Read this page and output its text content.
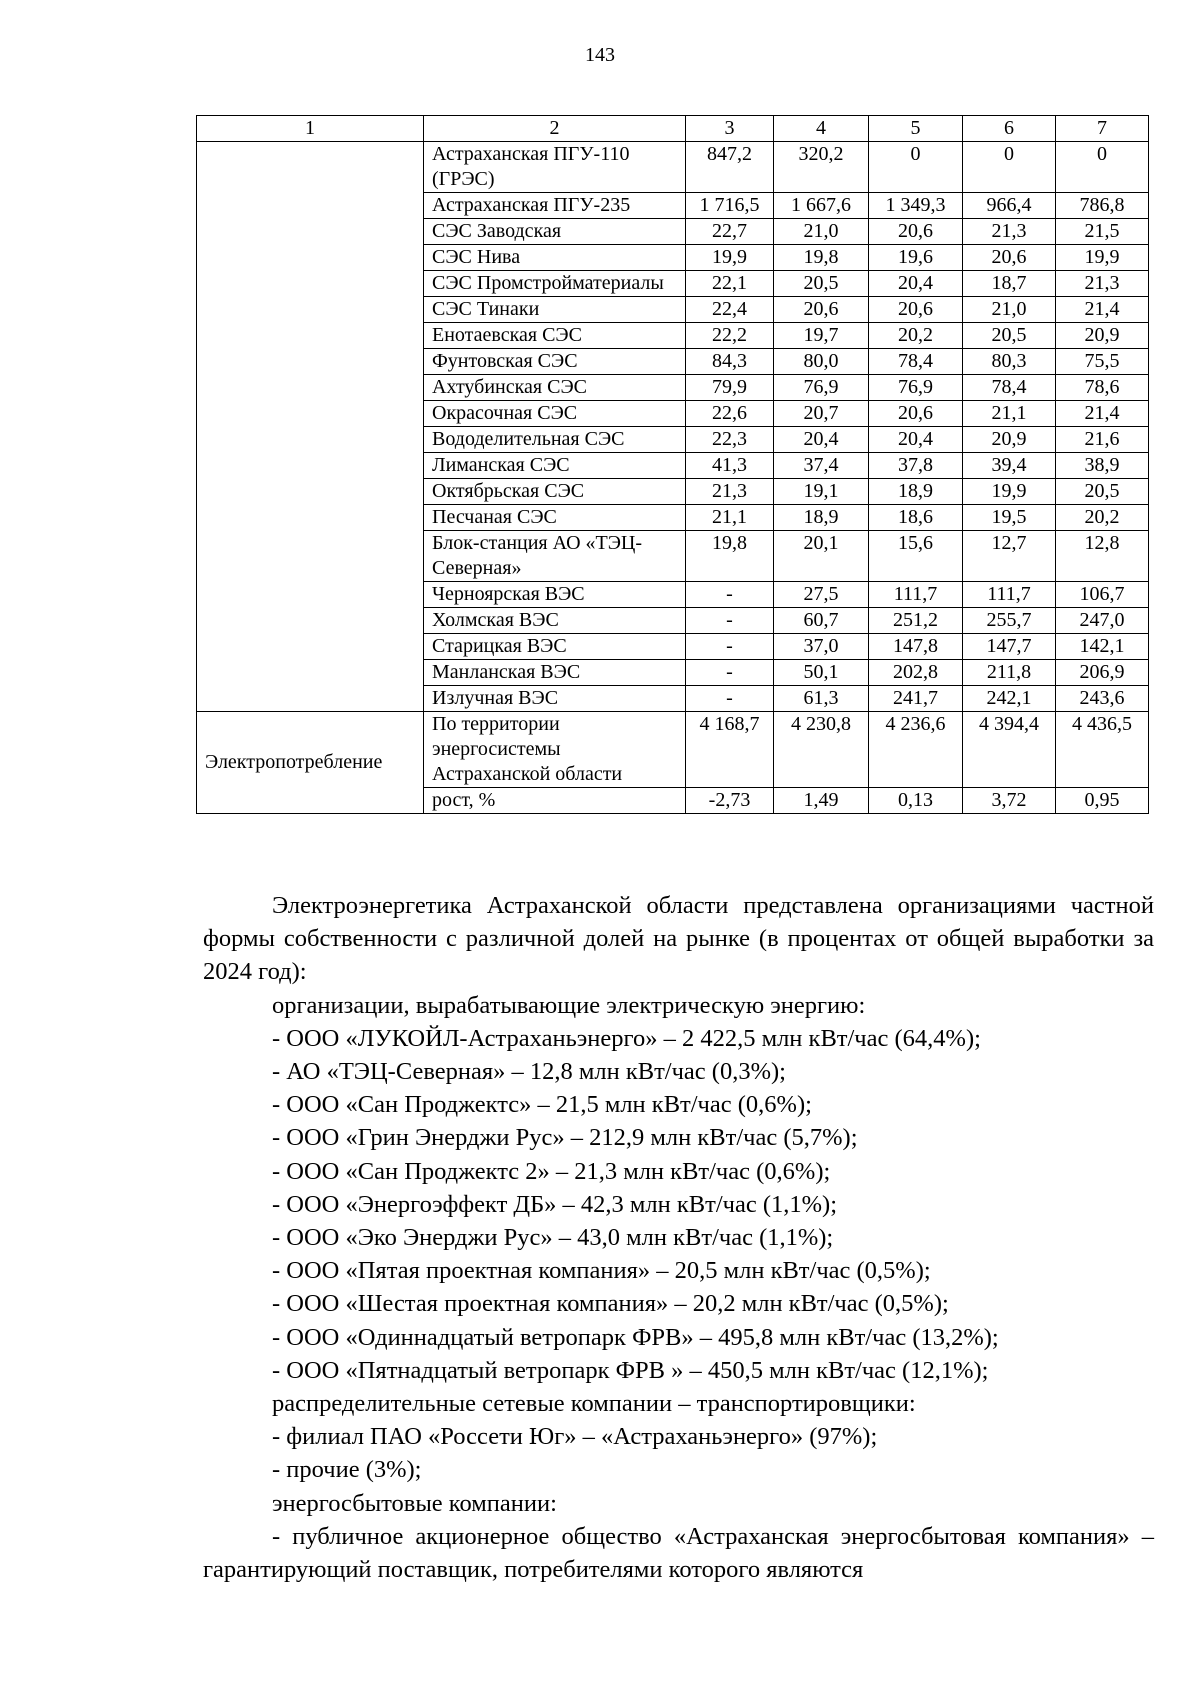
143
1	2	3	4	5	6	7
	Астраханская ПГУ-110 (ГРЭС)	847,2	320,2	0	0	0
	Астраханская ПГУ-235	1 716,5	1 667,6	1 349,3	966,4	786,8
	СЭС Заводская	22,7	21,0	20,6	21,3	21,5
	СЭС Нива	19,9	19,8	19,6	20,6	19,9
	СЭС Промстройматериалы	22,1	20,5	20,4	18,7	21,3
	СЭС Тинаки	22,4	20,6	20,6	21,0	21,4
	Енотаевская СЭС	22,2	19,7	20,2	20,5	20,9
	Фунтовская СЭС	84,3	80,0	78,4	80,3	75,5
	Ахтубинская СЭС	79,9	76,9	76,9	78,4	78,6
	Окрасочная СЭС	22,6	20,7	20,6	21,1	21,4
	Вододелительная СЭС	22,3	20,4	20,4	20,9	21,6
	Лиманская СЭС	41,3	37,4	37,8	39,4	38,9
	Октябрьская СЭС	21,3	19,1	18,9	19,9	20,5
	Песчаная СЭС	21,1	18,9	18,6	19,5	20,2
	Блок-станция АО «ТЭЦ-Северная»	19,8	20,1	15,6	12,7	12,8
	Черноярская ВЭС	-	27,5	111,7	111,7	106,7
	Холмская ВЭС	-	60,7	251,2	255,7	247,0
	Старицкая ВЭС	-	37,0	147,8	147,7	142,1
	Манланская ВЭС	-	50,1	202,8	211,8	206,9
	Излучная ВЭС	-	61,3	241,7	242,1	243,6
Электропотребление	По территории энергосистемы Астраханской области	4 168,7	4 230,8	4 236,6	4 394,4	4 436,5
	рост, %	-2,73	1,49	0,13	3,72	0,95

Электроэнергетика Астраханской области представлена организациями частной формы собственности с различной долей на рынке (в процентах от общей выработки за 2024 год):

организации, вырабатывающие электрическую энергию:

- ООО «ЛУКОЙЛ-Астраханьэнерго» – 2 422,5 млн кВт/час (64,4%);

- АО «ТЭЦ-Северная» – 12,8 млн кВт/час (0,3%);

- ООО «Сан Проджектс» – 21,5 млн кВт/час (0,6%);

- ООО «Грин Энерджи Рус» – 212,9 млн кВт/час (5,7%);

- ООО «Сан Проджектс 2» – 21,3 млн кВт/час (0,6%);

- ООО «Энергоэффект ДБ» – 42,3 млн кВт/час (1,1%);

- ООО «Эко Энерджи Рус» – 43,0 млн кВт/час (1,1%);

- ООО «Пятая проектная компания» – 20,5 млн кВт/час (0,5%);

- ООО «Шестая проектная компания» – 20,2 млн кВт/час (0,5%);

- ООО «Одиннадцатый ветропарк ФРВ» – 495,8 млн кВт/час (13,2%);

- ООО «Пятнадцатый ветропарк ФРВ » – 450,5 млн кВт/час (12,1%);

распределительные сетевые компании – транспортировщики:

- филиал ПАО «Россети Юг» – «Астраханьэнерго» (97%);

- прочие (3%);

энергосбытовые компании:

- публичное акционерное общество «Астраханская энергосбытовая компания» – гарантирующий поставщик, потребителями которого являются
